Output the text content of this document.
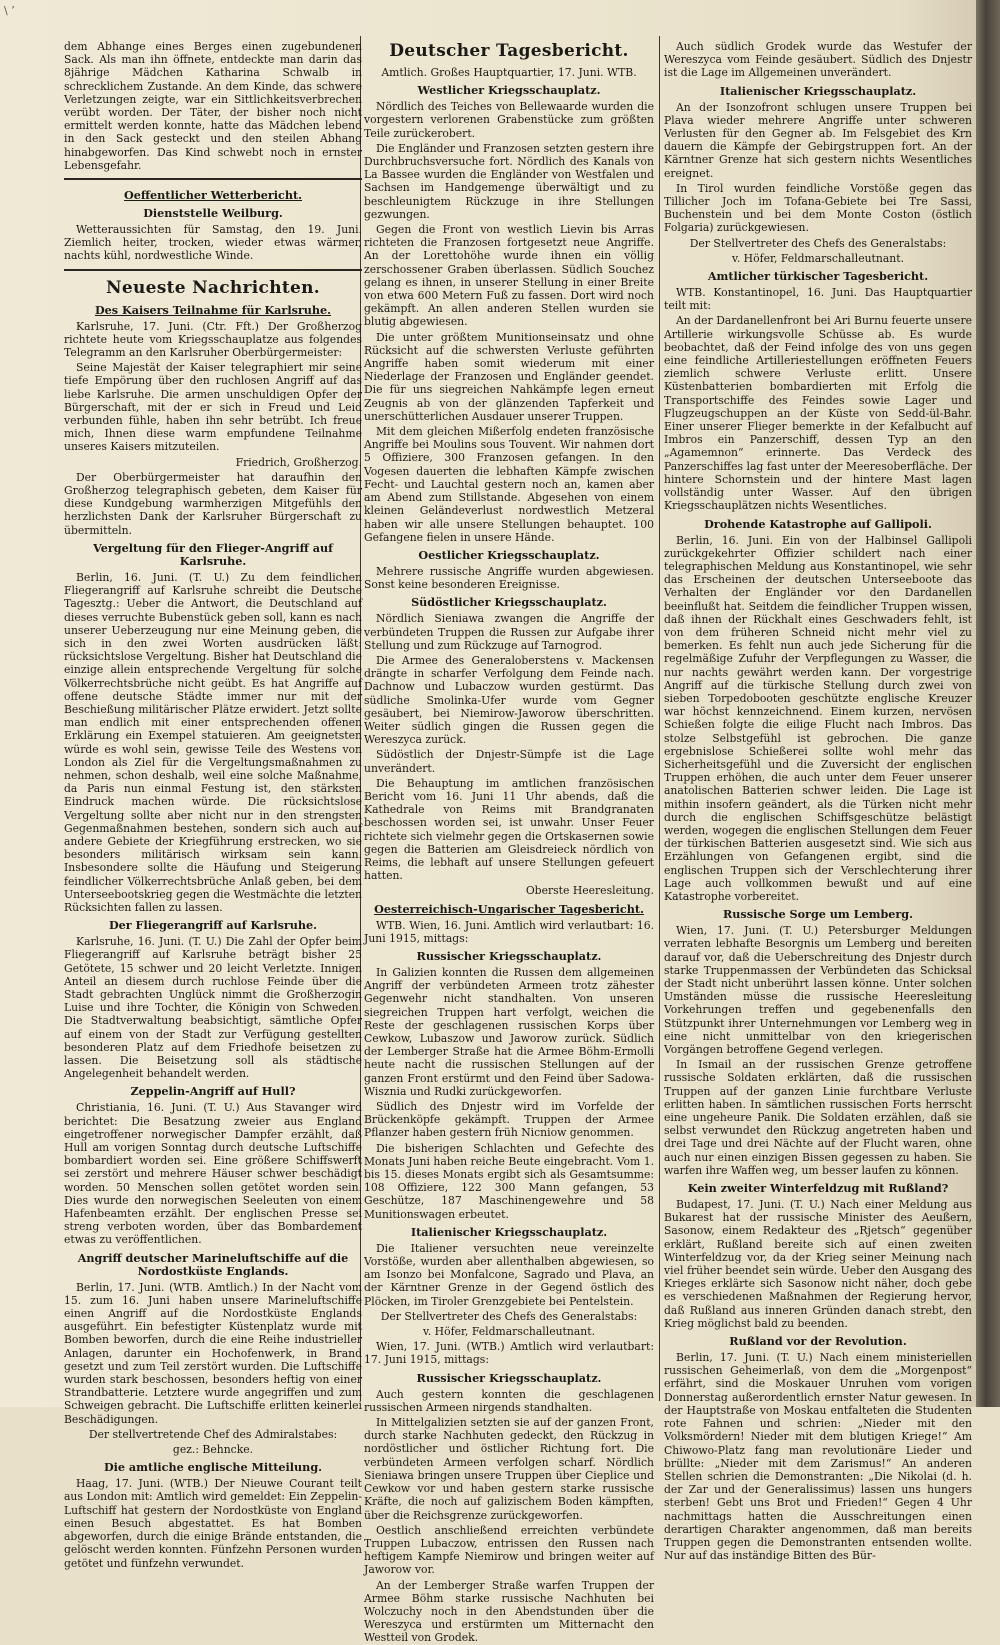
\ ’

dem Abhange eines Berges einen zugebundenen Sack. Als man ihn öffnete, entdeckte man darin das 8jährige Mädchen Katharina Schwalb in schrecklichem Zustande. An dem Kinde, das schwere Verletzungen zeigte, war ein Sittlichkeitsverbrechen verübt worden. Der Täter, der bisher noch nicht ermittelt werden konnte, hatte das Mädchen lebend in den Sack gesteckt und den steilen Abhang hinabgeworfen. Das Kind schwebt noch in ernster Lebensgefahr.

Oeffentlicher Wetterbericht.
Dienststelle Weilburg.

Wetteraussichten für Samstag, den 19. Juni. Ziemlich heiter, trocken, wieder etwas wärmer, nachts kühl, nordwestliche Winde.

Neueste Nachrichten.
Des Kaisers Teilnahme für Karlsruhe.

Karlsruhe, 17. Juni. (Ctr. Fft.) Der Großherzog richtete heute vom Kriegsschauplatze aus folgendes Telegramm an den Karlsruher Oberbürgermeister:

Seine Majestät der Kaiser telegraphiert mir seine tiefe Empörung über den ruchlosen Angriff auf das liebe Karlsruhe. Die armen unschuldigen Opfer der Bürgerschaft, mit der er sich in Freud und Leid verbunden fühle, haben ihn sehr betrübt. Ich freue mich, Ihnen diese warm empfundene Teilnahme unseres Kaisers mitzuteilen.

Friedrich, Großherzog.

Der Oberbürgermeister hat daraufhin den Großherzog telegraphisch gebeten, dem Kaiser für diese Kundgebung warmherzigen Mitgefühls den herzlichsten Dank der Karlsruher Bürgerschaft zu übermitteln.

Vergeltung für den Flieger-Angriff auf Karlsruhe.

Berlin, 16. Juni. (T. U.) Zu dem feindlichen Fliegerangriff auf Karlsruhe schreibt die Deutsche Tagesztg.: Ueber die Antwort, die Deutschland auf dieses verruchte Bubenstück geben soll, kann es nach unserer Ueberzeugung nur eine Meinung geben, die sich in den zwei Worten ausdrücken läßt: rücksichtslose Vergeltung. Bisher hat Deutschland die einzige allein entsprechende Vergeltung für solche Völkerrechtsbrüche nicht geübt. Es hat Angriffe auf offene deutsche Städte immer nur mit der Beschießung militärischer Plätze erwidert. Jetzt sollte man endlich mit einer entsprechenden offenen Erklärung ein Exempel statuieren. Am geeignetsten würde es wohl sein, gewisse Teile des Westens von London als Ziel für die Vergeltungsmaßnahmen zu nehmen, schon deshalb, weil eine solche Maßnahme, da Paris nun einmal Festung ist, den stärksten Eindruck machen würde. Die rücksichtslose Vergeltung sollte aber nicht nur in den strengsten Gegenmaßnahmen bestehen, sondern sich auch auf andere Gebiete der Kriegführung erstrecken, wo sie besonders militärisch wirksam sein kann. Insbesondere sollte die Häufung und Steigerung feindlicher Völkerrechtsbrüche Anlaß geben, bei dem Unterseebootskrieg gegen die Westmächte die letzten Rücksichten fallen zu lassen.

Der Fliegerangriff auf Karlsruhe.

Karlsruhe, 16. Juni. (T. U.) Die Zahl der Opfer beim Fliegerangriff auf Karlsruhe beträgt bisher 25 Getötete, 15 schwer und 20 leicht Verletzte. Innigen Anteil an diesem durch ruchlose Feinde über die Stadt gebrachten Unglück nimmt die Großherzogin Luise und ihre Tochter, die Königin von Schweden. Die Stadtverwaltung beabsichtigt, sämtliche Opfer auf einem von der Stadt zur Verfügung gestellten besonderen Platz auf dem Friedhofe beisetzen zu lassen. Die Beisetzung soll als städtische Angelegenheit behandelt werden.

Zeppelin-Angriff auf Hull?

Christiania, 16. Juni. (T. U.) Aus Stavanger wird berichtet: Die Besatzung zweier aus England eingetroffener norwegischer Dampfer erzählt, daß Hull am vorigen Sonntag durch deutsche Luftschiffe bombardiert worden sei. Eine größere Schiffswerft sei zerstört und mehrere Häuser schwer beschädigt worden. 50 Menschen sollen getötet worden sein. Dies wurde den norwegischen Seeleuten von einem Hafenbeamten erzählt. Der englischen Presse sei streng verboten worden, über das Bombardement etwas zu veröffentlichen.

Angriff deutscher Marineluftschiffe auf die Nordostküste Englands.

Berlin, 17. Juni. (WTB. Amtlich.) In der Nacht vom 15. zum 16. Juni haben unsere Marineluftschiffe einen Angriff auf die Nordostküste Englands ausgeführt. Ein befestigter Küstenplatz wurde mit Bomben beworfen, durch die eine Reihe industrieller Anlagen, darunter ein Hochofenwerk, in Brand gesetzt und zum Teil zerstört wurden. Die Luftschiffe wurden stark beschossen, besonders heftig von einer Strandbatterie. Letztere wurde angegriffen und zum Schweigen gebracht. Die Luftschiffe erlitten keinerlei Beschädigungen.

Der stellvertretende Chef des Admiralstabes:

gez.: Behncke.

Die amtliche englische Mitteilung.

Haag, 17. Juni. (WTB.) Der Nieuwe Courant teilt aus London mit: Amtlich wird gemeldet: Ein Zeppelin-Luftschiff hat gestern der Nordostküste von England einen Besuch abgestattet. Es hat Bomben abgeworfen, durch die einige Brände entstanden, die gelöscht werden konnten. Fünfzehn Personen wurden getötet und fünfzehn verwundet.

Deutscher Tagesbericht.

Amtlich. Großes Hauptquartier, 17. Juni. WTB.

Westlicher Kriegsschauplatz.

Nördlich des Teiches von Bellewaarde wurden die vorgestern verlorenen Grabenstücke zum größten Teile zurückerobert.

Die Engländer und Franzosen setzten gestern ihre Durchbruchsversuche fort. Nördlich des Kanals von La Bassee wurden die Engländer von Westfalen und Sachsen im Handgemenge überwältigt und zu beschleunigtem Rückzuge in ihre Stellungen gezwungen.

Gegen die Front von westlich Lievin bis Arras richteten die Franzosen fortgesetzt neue Angriffe. An der Lorettohöhe wurde ihnen ein völlig zerschossener Graben überlassen. Südlich Souchez gelang es ihnen, in unserer Stellung in einer Breite von etwa 600 Metern Fuß zu fassen. Dort wird noch gekämpft. An allen anderen Stellen wurden sie blutig abgewiesen.

Die unter größtem Munitionseinsatz und ohne Rücksicht auf die schwersten Verluste geführten Angriffe haben somit wiederum mit einer Niederlage der Franzosen und Engländer geendet. Die für uns siegreichen Nahkämpfe legen erneut Zeugnis ab von der glänzenden Tapferkeit und unerschütterlichen Ausdauer unserer Truppen.

Mit dem gleichen Mißerfolg endeten französische Angriffe bei Moulins sous Touvent. Wir nahmen dort 5 Offiziere, 300 Franzosen gefangen. In den Vogesen dauerten die lebhaften Kämpfe zwischen Fecht- und Lauchtal gestern noch an, kamen aber am Abend zum Stillstande. Abgesehen von einem kleinen Geländeverlust nordwestlich Metzeral haben wir alle unsere Stellungen behauptet. 100 Gefangene fielen in unsere Hände.

Oestlicher Kriegsschauplatz.

Mehrere russische Angriffe wurden abgewiesen. Sonst keine besonderen Ereignisse.

Südöstlicher Kriegsschauplatz.

Nördlich Sieniawa zwangen die Angriffe der verbündeten Truppen die Russen zur Aufgabe ihrer Stellung und zum Rückzuge auf Tarnogrod.

Die Armee des Generaloberstens v. Mackensen drängte in scharfer Verfolgung dem Feinde nach. Dachnow und Lubaczow wurden gestürmt. Das südliche Smolinka-Ufer wurde vom Gegner gesäubert, bei Niemirow-Jaworow überschritten. Weiter südlich gingen die Russen gegen die Wereszyca zurück.

Südöstlich der Dnjestr-Sümpfe ist die Lage unverändert.

Die Behauptung im amtlichen französischen Bericht vom 16. Juni 11 Uhr abends, daß die Kathedrale von Reims mit Brandgranaten beschossen worden sei, ist unwahr. Unser Feuer richtete sich vielmehr gegen die Ortskasernen sowie gegen die Batterien am Gleisdreieck nördlich von Reims, die lebhaft auf unsere Stellungen gefeuert hatten.

Oberste Heeresleitung.

Oesterreichisch-Ungarischer Tagesbericht.

WTB. Wien, 16. Juni. Amtlich wird verlautbart: 16. Juni 1915, mittags:

Russischer Kriegsschauplatz.

In Galizien konnten die Russen dem allgemeinen Angriff der verbündeten Armeen trotz zähester Gegenwehr nicht standhalten. Von unseren siegreichen Truppen hart verfolgt, weichen die Reste der geschlagenen russischen Korps über Cewkow, Lubaszow und Jaworow zurück. Südlich der Lemberger Straße hat die Armee Böhm-Ermolli heute nacht die russischen Stellungen auf der ganzen Front erstürmt und den Feind über Sadowa-Wisznia und Rudki zurückgeworfen.

Südlich des Dnjestr wird im Vorfelde der Brückenköpfe gekämpft. Truppen der Armee Pflanzer haben gestern früh Nicniow genommen.

Die bisherigen Schlachten und Gefechte des Monats Juni haben reiche Beute eingebracht. Vom 1. bis 15. dieses Monats ergibt sich als Gesamtsumme: 108 Offiziere, 122 300 Mann gefangen, 53 Geschütze, 187 Maschinengewehre und 58 Munitionswagen erbeutet.

Italienischer Kriegsschauplatz.

Die Italiener versuchten neue vereinzelte Vorstöße, wurden aber allenthalben abgewiesen, so am Isonzo bei Monfalcone, Sagrado und Plava, an der Kärntner Grenze in der Gegend östlich des Plöcken, im Tiroler Grenzgebiete bei Pentelstein.

Der Stellvertreter des Chefs des Generalstabs:

v. Höfer, Feldmarschalleutnant.

Wien, 17. Juni. (WTB.) Amtlich wird verlautbart: 17. Juni 1915, mittags:

Russischer Kriegsschauplatz.

Auch gestern konnten die geschlagenen russischen Armeen nirgends standhalten.

In Mittelgalizien setzten sie auf der ganzen Front, durch starke Nachhuten gedeckt, den Rückzug in nordöstlicher und östlicher Richtung fort. Die verbündeten Armeen verfolgen scharf. Nördlich Sieniawa bringen unsere Truppen über Cieplice und Cewkow vor und haben gestern starke russische Kräfte, die noch auf galizischem Boden kämpften, über die Reichsgrenze zurückgeworfen.

Oestlich anschließend erreichten verbündete Truppen Lubaczow, entrissen den Russen nach heftigem Kampfe Niemirow und bringen weiter auf Jaworow vor.

An der Lemberger Straße warfen Truppen der Armee Böhm starke russische Nachhuten bei Wolczuchy noch in den Abendstunden über die Wereszyca und erstürmten um Mitternacht den Westteil von Grodek.

Auch südlich Grodek wurde das Westufer der Wereszyca vom Feinde gesäubert. Südlich des Dnjestr ist die Lage im Allgemeinen unverändert.

Italienischer Kriegsschauplatz.

An der Isonzofront schlugen unsere Truppen bei Plava wieder mehrere Angriffe unter schweren Verlusten für den Gegner ab. Im Felsgebiet des Krn dauern die Kämpfe der Gebirgstruppen fort. An der Kärntner Grenze hat sich gestern nichts Wesentliches ereignet.

In Tirol wurden feindliche Vorstöße gegen das Tillicher Joch im Tofana-Gebiete bei Tre Sassi, Buchenstein und bei dem Monte Coston (östlich Folgaria) zurückgewiesen.

Der Stellvertreter des Chefs des Generalstabs:

v. Höfer, Feldmarschalleutnant.

Amtlicher türkischer Tagesbericht.

WTB. Konstantinopel, 16. Juni. Das Hauptquartier teilt mit:

An der Dardanellenfront bei Ari Burnu feuerte unsere Artillerie wirkungsvolle Schüsse ab. Es wurde beobachtet, daß der Feind infolge des von uns gegen eine feindliche Artilleriestellungen eröffneten Feuers ziemlich schwere Verluste erlitt. Unsere Küstenbatterien bombardierten mit Erfolg die Transportschiffe des Feindes sowie Lager und Flugzeugschuppen an der Küste von Sedd-ül-Bahr. Einer unserer Flieger bemerkte in der Kefalbucht auf Imbros ein Panzerschiff, dessen Typ an den „Agamemnon“ erinnerte. Das Verdeck des Panzerschiffes lag fast unter der Meeresoberfläche. Der hintere Schornstein und der hintere Mast lagen vollständig unter Wasser. Auf den übrigen Kriegsschauplätzen nichts Wesentliches.

Drohende Katastrophe auf Gallipoli.

Berlin, 16. Juni. Ein von der Halbinsel Gallipoli zurückgekehrter Offizier schildert nach einer telegraphischen Meldung aus Konstantinopel, wie sehr das Erscheinen der deutschen Unterseeboote das Verhalten der Engländer vor den Dardanellen beeinflußt hat. Seitdem die feindlicher Truppen wissen, daß ihnen der Rückhalt eines Geschwaders fehlt, ist von dem früheren Schneid nicht mehr viel zu bemerken. Es fehlt nun auch jede Sicherung für die regelmäßige Zufuhr der Verpflegungen zu Wasser, die nur nachts gewährt werden kann. Der vorgestrige Angriff auf die türkische Stellung durch zwei von sieben Torpedobooten geschützte englische Kreuzer war höchst kennzeichnend. Einem kurzen, nervösen Schießen folgte die eilige Flucht nach Imbros. Das stolze Selbstgefühl ist gebrochen. Die ganze ergebnislose Schießerei sollte wohl mehr das Sicherheitsgefühl und die Zuversicht der englischen Truppen erhöhen, die auch unter dem Feuer unserer anatolischen Batterien schwer leiden. Die Lage ist mithin insofern geändert, als die Türken nicht mehr durch die englischen Schiffsgeschütze belästigt werden, wogegen die englischen Stellungen dem Feuer der türkischen Batterien ausgesetzt sind. Wie sich aus Erzählungen von Gefangenen ergibt, sind die englischen Truppen sich der Verschlechterung ihrer Lage auch vollkommen bewußt und auf eine Katastrophe vorbereitet.

Russische Sorge um Lemberg.

Wien, 17. Juni. (T. U.) Petersburger Meldungen verraten lebhafte Besorgnis um Lemberg und bereiten darauf vor, daß die Ueberschreitung des Dnjestr durch starke Truppenmassen der Verbündeten das Schicksal der Stadt nicht unberührt lassen könne. Unter solchen Umständen müsse die russische Heeresleitung Vorkehrungen treffen und gegebenenfalls den Stützpunkt ihrer Unternehmungen vor Lemberg weg in eine nicht unmittelbar von den kriegerischen Vorgängen betroffene Gegend verlegen.

In Ismail an der russischen Grenze getroffene russische Soldaten erklärten, daß die russischen Truppen auf der ganzen Linie furchtbare Verluste erlitten haben. In sämtlichen russischen Forts herrscht eine ungeheure Panik. Die Soldaten erzählen, daß sie selbst verwundet den Rückzug angetreten haben und drei Tage und drei Nächte auf der Flucht waren, ohne auch nur einen einzigen Bissen gegessen zu haben. Sie warfen ihre Waffen weg, um besser laufen zu können.

Kein zweiter Winterfeldzug mit Rußland?

Budapest, 17. Juni. (T. U.) Nach einer Meldung aus Bukarest hat der russische Minister des Aeußern, Sasonow, einem Redakteur des „Rjetsch“ gegenüber erklärt, Rußland bereite sich auf einen zweiten Winterfeldzug vor, da der Krieg seiner Meinung nach viel früher beendet sein würde. Ueber den Ausgang des Krieges erklärte sich Sasonow nicht näher, doch gebe es verschiedenen Maßnahmen der Regierung hervor, daß Rußland aus inneren Gründen danach strebt, den Krieg möglichst bald zu beenden.

Rußland vor der Revolution.

Berlin, 17. Juni. (T. U.) Nach einem ministeriellen russischen Geheimerlaß, von dem die „Morgenpost“ erfährt, sind die Moskauer Unruhen vom vorigen Donnerstag außerordentlich ernster Natur gewesen. In der Hauptstraße von Moskau entfalteten die Studenten rote Fahnen und schrien: „Nieder mit den Volksmördern! Nieder mit dem blutigen Kriege!“ Am Chiwowo-Platz fang man revolutionäre Lieder und brüllte: „Nieder mit dem Zarismus!“ An anderen Stellen schrien die Demonstranten: „Die Nikolai (d. h. der Zar und der Generalissimus) lassen uns hungers sterben! Gebt uns Brot und Frieden!“ Gegen 4 Uhr nachmittags hatten die Ausschreitungen einen derartigen Charakter angenommen, daß man bereits Truppen gegen die Demonstranten entsenden wollte. Nur auf das inständige Bitten des Bür-
